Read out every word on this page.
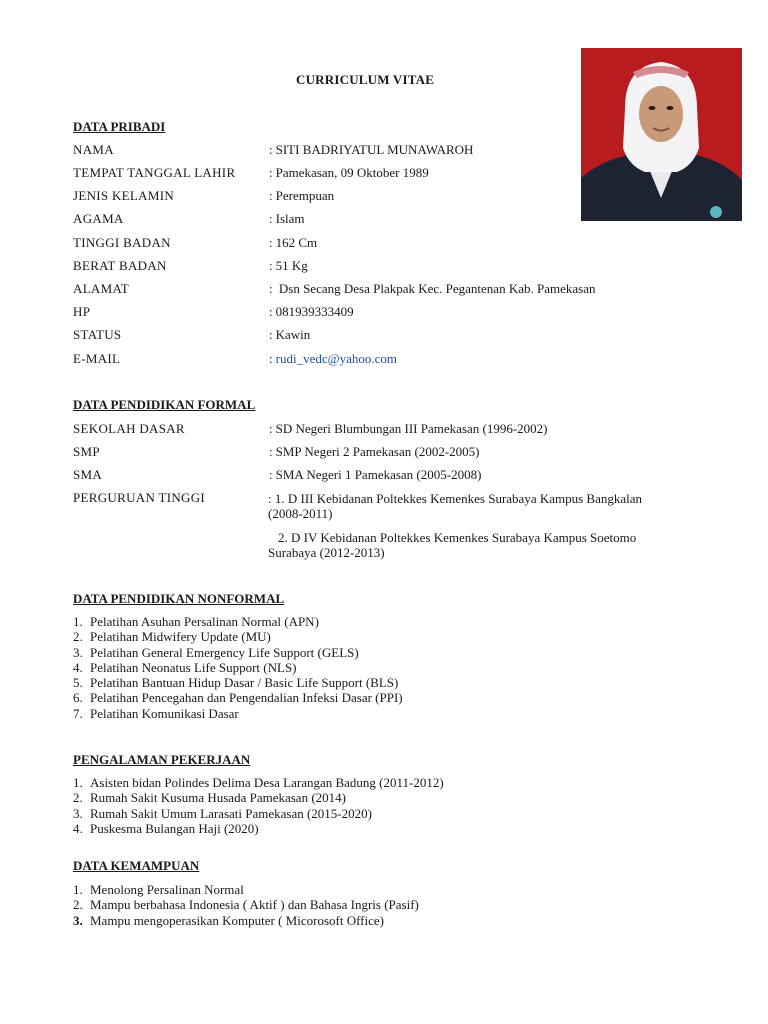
CURRICULUM VITAE
DATA PRIBADI
NAMA	: SITI BADRIYATUL MUNAWAROH
TEMPAT TANGGAL LAHIR	: Pamekasan, 09 Oktober 1989
JENIS KELAMIN	: Perempuan
AGAMA	: Islam
TINGGI BADAN	: 162 Cm
BERAT BADAN	: 51 Kg
ALAMAT	: Dsn Secang Desa Plakpak Kec. Pegantenan Kab. Pamekasan
HP	: 081939333409
STATUS	: Kawin
E-MAIL	: rudi_vedc@yahoo.com
DATA PENDIDIKAN FORMAL
SEKOLAH DASAR	: SD Negeri Blumbungan III Pamekasan (1996-2002)
SMP	: SMP Negeri 2 Pamekasan (2002-2005)
SMA	: SMA Negeri 1 Pamekasan (2005-2008)
PERGURUAN TINGGI	: 1. D III Kebidanan Poltekkes Kemenkes Surabaya Kampus Bangkalan
(2008-2011)
2. D IV Kebidanan Poltekkes Kemenkes Surabaya Kampus Soetomo
Surabaya (2012-2013)
DATA PENDIDIKAN NONFORMAL
1. Pelatihan Asuhan Persalinan Normal (APN)
2. Pelatihan Midwifery Update (MU)
3. Pelatihan General Emergency Life Support (GELS)
4. Pelatihan Neonatus Life Support (NLS)
5. Pelatihan Bantuan Hidup Dasar / Basic Life Support (BLS)
6. Pelatihan Pencegahan dan Pengendalian Infeksi Dasar (PPI)
7. Pelatihan Komunikasi Dasar
PENGALAMAN PEKERJAAN
1. Asisten bidan Polindes Delima Desa Larangan Badung (2011-2012)
2. Rumah Sakit Kusuma Husada Pamekasan (2014)
3. Rumah Sakit Umum Larasati Pamekasan (2015-2020)
4. Puskesma Bulangan Haji (2020)
DATA KEMAMPUAN
1. Menolong Persalinan Normal
2. Mampu berbahasa Indonesia ( Aktif ) dan Bahasa Ingris (Pasif)
3. Mampu mengoperasikan Komputer ( Micorosoft Office)
